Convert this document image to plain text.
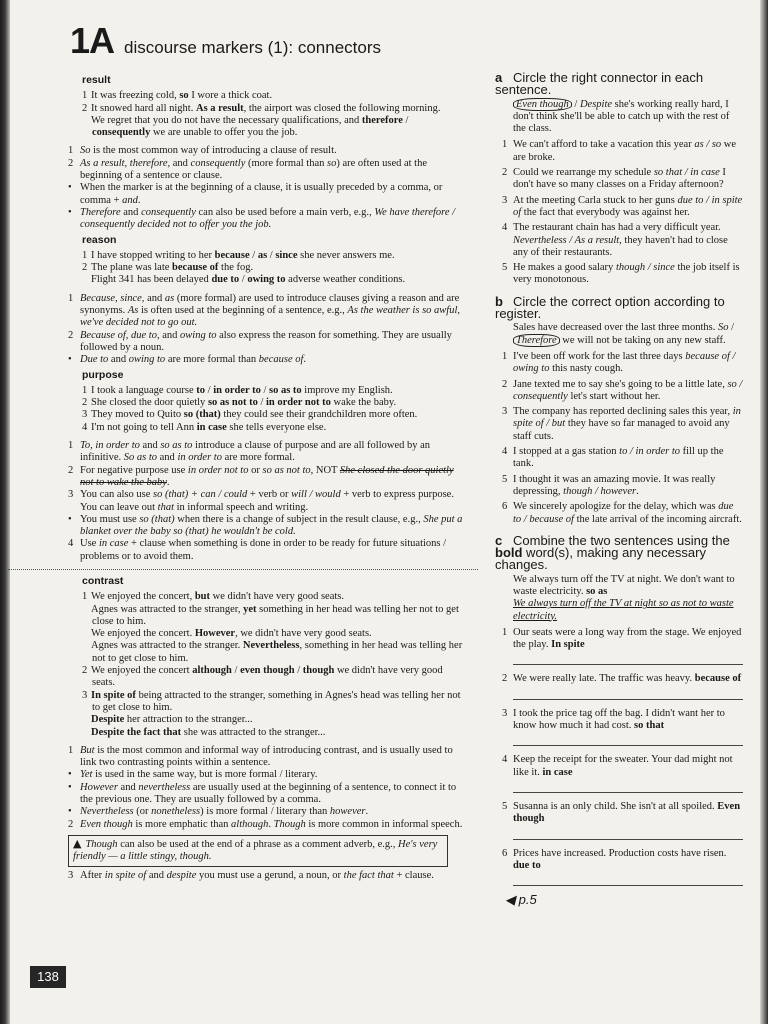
1A discourse markers (1): connectors
result
1 It was freezing cold, so I wore a thick coat.
2 It snowed hard all night. As a result, the airport was closed the following morning.
We regret that you do not have the necessary qualifications, and therefore / consequently we are unable to offer you the job.
1 So is the most common way of introducing a clause of result.
2 As a result, therefore, and consequently (more formal than so) are often used at the beginning of a sentence or clause.
• When the marker is at the beginning of a clause, it is usually preceded by a comma, or comma + and.
• Therefore and consequently can also be used before a main verb, e.g., We have therefore / consequently decided not to offer you the job.
reason
1 I have stopped writing to her because / as / since she never answers me.
2 The plane was late because of the fog.
Flight 341 has been delayed due to / owing to adverse weather conditions.
1 Because, since, and as (more formal) are used to introduce clauses giving a reason and are synonyms. As is often used at the beginning of a sentence, e.g., As the weather is so awful, we've decided not to go out.
2 Because of, due to, and owing to also express the reason for something. They are usually followed by a noun.
• Due to and owing to are more formal than because of.
purpose
1 I took a language course to / in order to / so as to improve my English.
2 She closed the door quietly so as not to / in order not to wake the baby.
3 They moved to Quito so (that) they could see their grandchildren more often.
4 I'm not going to tell Ann in case she tells everyone else.
1 To, in order to and so as to introduce a clause of purpose and are all followed by an infinitive. So as to and in order to are more formal.
2 For negative purpose use in order not to or so as not to, NOT She closed the door quietly not to wake the baby.
3 You can also use so (that) + can / could + verb or will / would + verb to express purpose. You can leave out that in informal speech and writing.
• You must use so (that) when there is a change of subject in the result clause, e.g., She put a blanket over the baby so (that) he wouldn't be cold.
4 Use in case + clause when something is done in order to be ready for future situations / problems or to avoid them.
contrast
1 We enjoyed the concert, but we didn't have very good seats.
Agnes was attracted to the stranger, yet something in her head was telling her not to get close to him.
We enjoyed the concert. However, we didn't have very good seats.
Agnes was attracted to the stranger. Nevertheless, something in her head was telling her not to get close to him.
2 We enjoyed the concert although / even though / though we didn't have very good seats.
3 In spite of being attracted to the stranger, something in Agnes's head was telling her not to get close to him.
Despite her attraction to the stranger...
Despite the fact that she was attracted to the stranger...
1 But is the most common and informal way of introducing contrast, and is usually used to link two contrasting points within a sentence.
• Yet is used in the same way, but is more formal / literary.
• However and nevertheless are usually used at the beginning of a sentence, to connect it to the previous one. They are usually followed by a comma.
• Nevertheless (or nonetheless) is more formal / literary than however.
2 Even though is more emphatic than although. Though is more common in informal speech.
▲ Though can also be used at the end of a phrase as a comment adverb, e.g., He's very friendly — a little stingy, though.
3 After in spite of and despite you must use a gerund, a noun, or the fact that + clause.
138
a Circle the right connector in each sentence.
Even though / Despite she's working really hard, I don't think she'll be able to catch up with the rest of the class.
1 We can't afford to take a vacation this year as / so we are broke.
2 Could we rearrange my schedule so that / in case I don't have so many classes on a Friday afternoon?
3 At the meeting Carla stuck to her guns due to / in spite of the fact that everybody was against her.
4 The restaurant chain has had a very difficult year. Nevertheless / As a result, they haven't had to close any of their restaurants.
5 He makes a good salary though / since the job itself is very monotonous.
b Circle the correct option according to register.
Sales have decreased over the last three months. So / Therefore we will not be taking on any new staff.
1 I've been off work for the last three days because of / owing to this nasty cough.
2 Jane texted me to say she's going to be a little late, so / consequently let's start without her.
3 The company has reported declining sales this year, in spite of / but they have so far managed to avoid any staff cuts.
4 I stopped at a gas station to / in order to fill up the tank.
5 I thought it was an amazing movie. It was really depressing, though / however.
6 We sincerely apologize for the delay, which was due to / because of the late arrival of the incoming aircraft.
c Combine the two sentences using the bold word(s), making any necessary changes.
We always turn off the TV at night. We don't want to waste electricity. so as
We always turn off the TV at night so as not to waste electricity.
1 Our seats were a long way from the stage. We enjoyed the play. In spite
2 We were really late. The traffic was heavy. because of
3 I took the price tag off the bag. I didn't want her to know how much it had cost. so that
4 Keep the receipt for the sweater. Your dad might not like it. in case
5 Susanna is an only child. She isn't at all spoiled. Even though
6 Prices have increased. Production costs have risen. due to
◀ p.5
